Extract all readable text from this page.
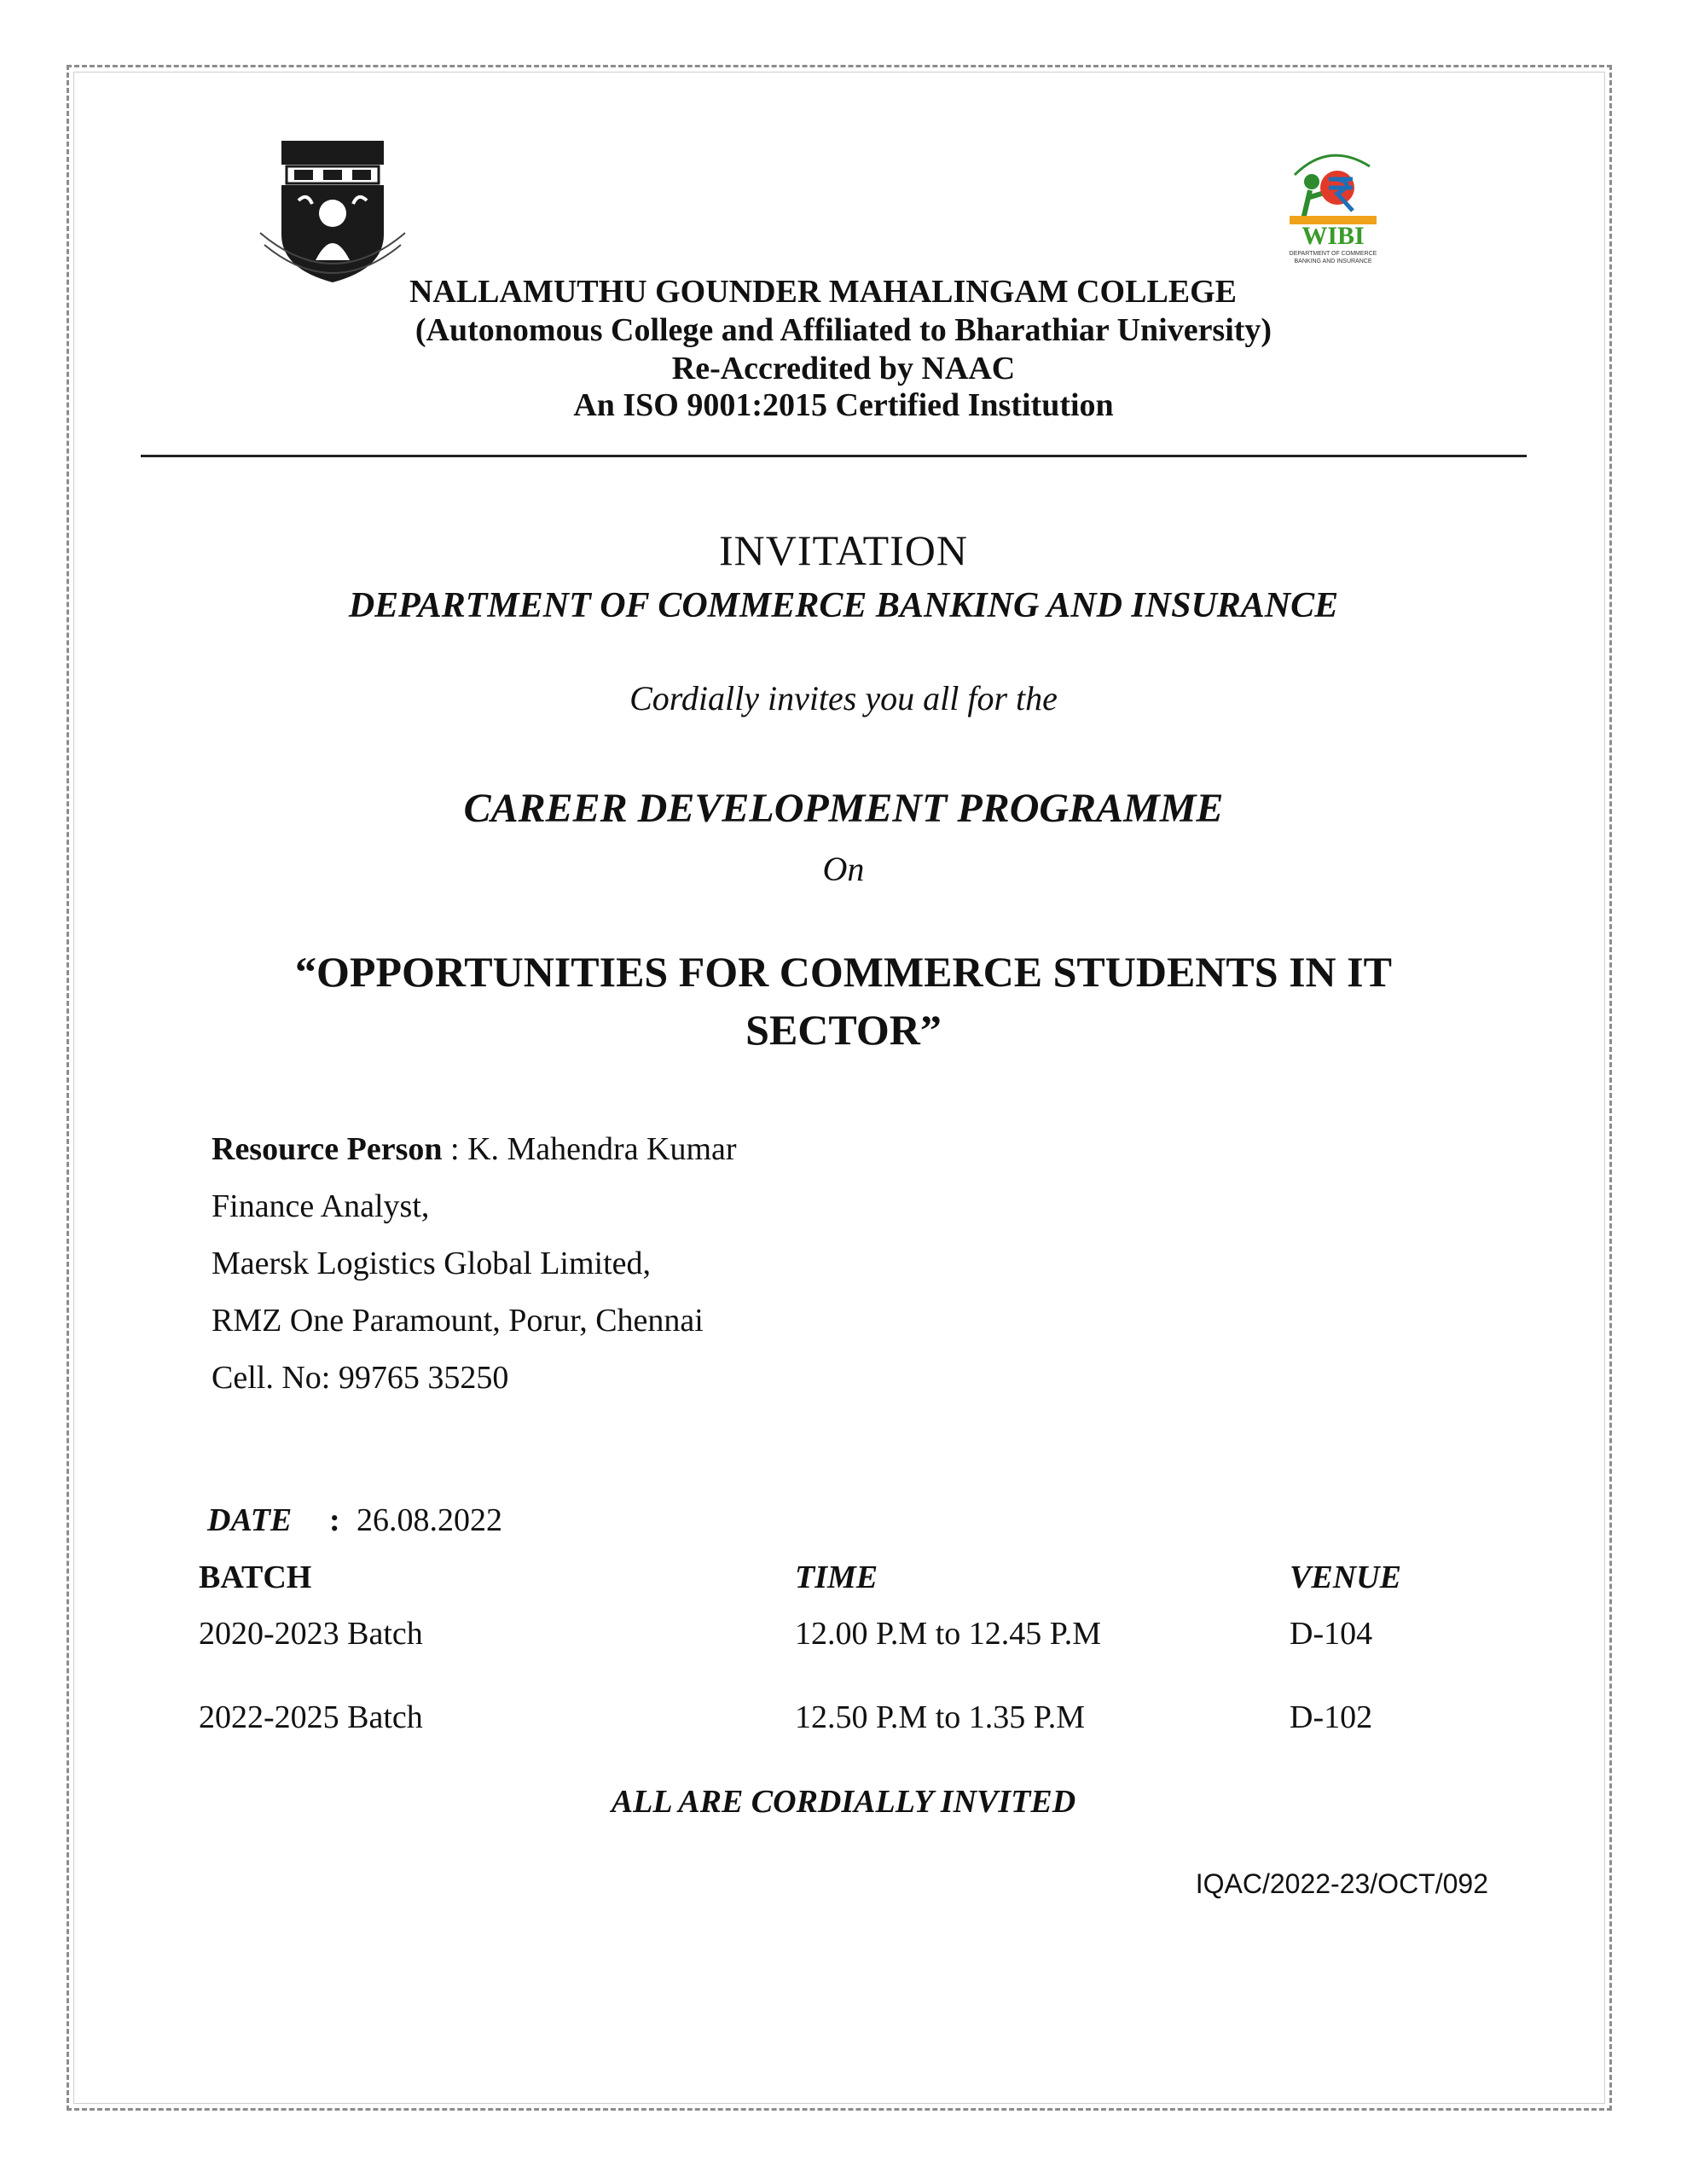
WIBI
DEPARTMENT OF COMMERCE BANKING AND INSURANCE
NALLAMUTHU GOUNDER MAHALINGAM COLLEGE
(Autonomous College and Affiliated to Bharathiar University)
Re-Accredited by NAAC
An ISO 9001:2015 Certified Institution
INVITATION
DEPARTMENT OF COMMERCE BANKING AND INSURANCE
Cordially invites you all for the
CAREER DEVELOPMENT PROGRAMME
On
“OPPORTUNITIES FOR COMMERCE STUDENTS IN IT
SECTOR”
Resource Person : K. Mahendra Kumar
Finance Analyst,
Maersk Logistics Global Limited,
RMZ One Paramount, Porur, Chennai
Cell. No: 99765 35250
DATE : 26.08.2022
BATCH	TIME	VENUE
2020-2023 Batch	12.00 P.M to 12.45 P.M	D-104
2022-2025 Batch	12.50 P.M to 1.35 P.M	D-102
ALL ARE CORDIALLY INVITED
IQAC/2022-23/OCT/092
